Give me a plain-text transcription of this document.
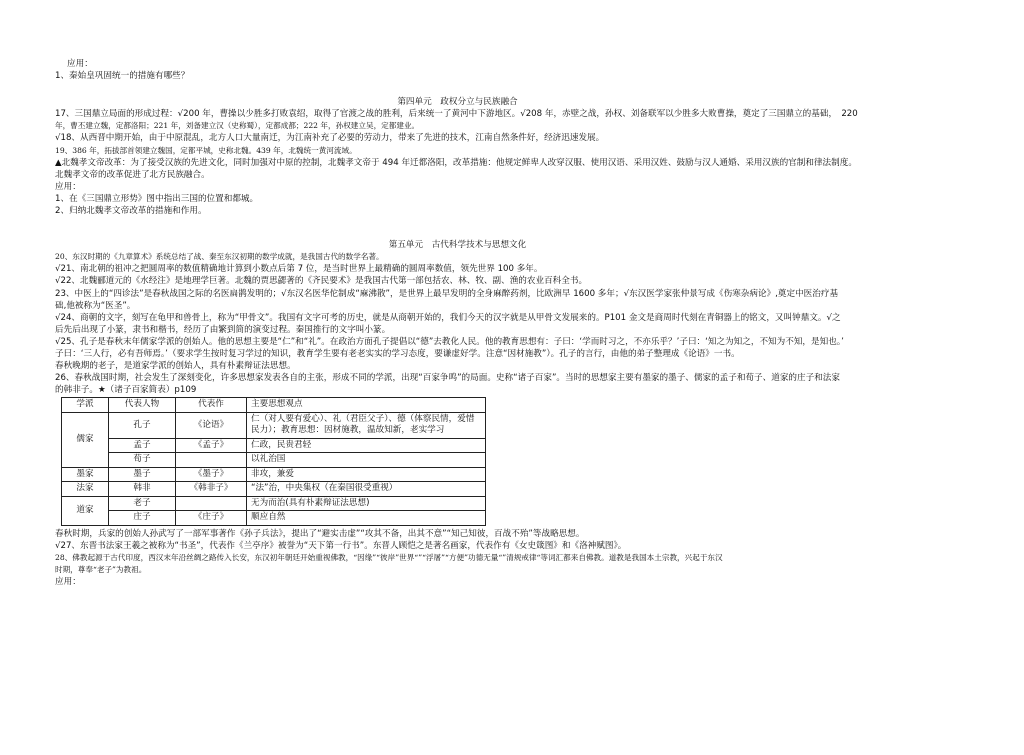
应用：
1、秦始皇巩固统一的措施有哪些？
第四单元　政权分立与民族融合
17、三国鼎立局面的形成过程：√200 年，曹操以少胜多打败袁绍，取得了官渡之战的胜利，后来统一了黄河中下游地区。√208 年，赤壁之战，孙权、刘备联军以少胜多大败曹操，奠定了三国鼎立的基础，　220
年，曹丕建立魏，定都洛阳；221 年，刘备建立汉（史称蜀），定都成都；222 年，孙权建立吴，定都建业。
√18、从西晋中期开始，由于中原混乱，北方人口大量南迁，为江南补充了必要的劳动力，带来了先进的技术，江南自然条件好，经济迅速发展。
19、386 年，拓拔部首领建立魏国，定都平城，史称北魏。439 年，北魏统一黄河流域。
▲北魏孝文帝改革：为了接受汉族的先进文化，同时加强对中原的控制，北魏孝文帝于 494 年迁都洛阳，改革措施：他规定鲜卑人改穿汉服、使用汉语、采用汉姓、鼓励与汉人通婚、采用汉族的官制和律法制度。
北魏孝文帝的改革促进了北方民族融合。
应用：
1、在《三国鼎立形势》图中指出三国的位置和都城。
2、归纳北魏孝文帝改革的措施和作用。
第五单元　古代科学技术与思想文化
20、东汉时期的《九章算术》系统总结了战、秦至东汉初期的数学成就，是我国古代的数学名著。
√21、南北朝的祖冲之把圆周率的数值精确地计算到小数点后第 7 位，是当时世界上最精确的圆周率数值，领先世界 100 多年。
√22、北魏郦道元的《水经注》是地理学巨著。北魏的贾思勰著的《齐民要术》是我国古代第一部包括农、林、牧、副、渔的农业百科全书。
23、中医上的“四诊法”是春秋战国之际的名医扁鹊发明的；√东汉名医华佗制成“麻沸散”，是世界上最早发明的全身麻醉药剂，比欧洲早 1600 多年；√东汉医学家张仲景写成《伤寒杂病论》,奠定中医治疗基
础,他被称为“医圣”。
√24、商朝的文字，刻写在龟甲和兽骨上，称为“甲骨文”。我国有文字可考的历史，就是从商朝开始的，我们今天的汉字就是从甲骨文发展来的。P101 金文是商周时代刻在青铜器上的铭文，又叫钟鼎文。√之
后先后出现了小篆，隶书和楷书，经历了由繁到简的演变过程。秦国推行的文字叫小篆。
√25、孔子是春秋末年儒家学派的创始人。他的思想主要是“仁”和“礼”。在政治方面孔子提倡以“德”去教化人民。他的教育思想有：子曰：‘学而时习之，不亦乐乎？’子曰：‘知之为知之，不知为不知，是知也。’
子曰：‘三人行，必有吾师焉。’（要求学生按时复习学过的知识，教育学生要有老老实实的学习态度，要谦虚好学。注意“因材施教”）。孔子的言行，由他的弟子整理成《论语》一书。
春秋晚期的老子，是道家学派的创始人，具有朴素辩证法思想。
26、春秋战国时期，社会发生了深刻变化，许多思想家发表各自的主张，形成不同的学派，出现“百家争鸣”的局面。史称“诸子百家”。当时的思想家主要有墨家的墨子、儒家的孟子和荀子、道家的庄子和法家
的韩非子。★（诸子百家简表）p109
学派	代表人物	代表作	主要思想观点
儒家	孔子	《论语》	仁（对人要有爱心）、礼（君臣父子）、德（体察民情，爱惜民力）；教育思想：因材施教，温故知新，老实学习
	孟子	《孟子》	仁政，民贵君轻
	荀子		以礼治国
墨家	墨子	《墨子》	非攻，兼爱
法家	韩非	《韩非子》	“法”治，中央集权（在秦国很受重视）
道家	老子		无为而治(具有朴素辩证法思想)
	庄子	《庄子》	顺应自然
春秋时期，兵家的创始人孙武写了一部军事著作《孙子兵法》，提出了“避实击虚”“攻其不备，出其不意”“知己知彼，百战不殆”等战略思想。
√27、东晋书法家王羲之被称为“书圣”，代表作《兰亭序》被誉为“天下第一行书”。东晋人顾恺之是著名画家，代表作有《女史箴图》和《洛神赋图》。
28、佛教起源于古代印度，西汉末年沿丝绸之路传入长安，东汉初年朝廷开始重视佛教，“因缘”“彼岸”世界“”“浮屠”“方便”功德无量“”清规戒律“等词汇都来自佛教。道教是我国本土宗教，兴起于东汉
时期，尊奉“老子”为教祖。
应用：
